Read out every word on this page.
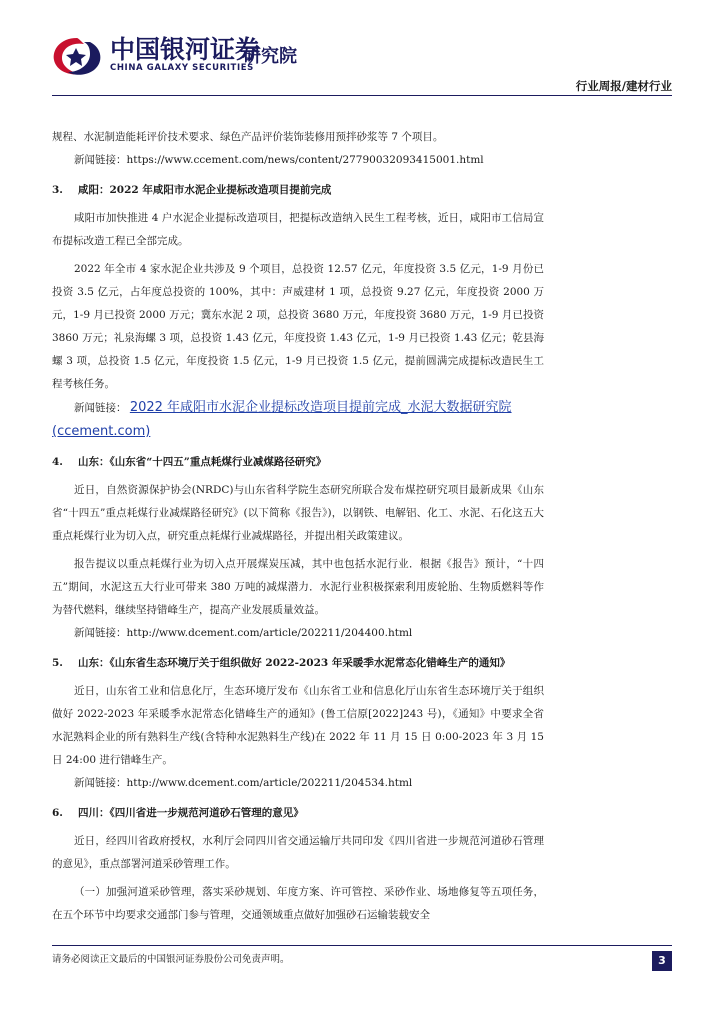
中国银河证券
CHINA GALAXY SECURITIES
研究院
行业周报/建材行业

规程、水泥制造能耗评价技术要求、绿色产品评价装饰装修用预拌砂浆等 7 个项目。

新闻链接：https://www.ccement.com/news/content/27790032093415001.html

3. 咸阳：2022 年咸阳市水泥企业提标改造项目提前完成

咸阳市加快推进 4 户水泥企业提标改造项目，把提标改造纳入民生工程考核，近日，咸阳市工信局宣布提标改造工程已全部完成。

2022 年全市 4 家水泥企业共涉及 9 个项目，总投资 12.57 亿元，年度投资 3.5 亿元，1-9 月份已投资 3.5 亿元，占年度总投资的 100%，其中：声威建材 1 项，总投资 9.27 亿元，年度投资 2000 万元，1-9 月已投资 2000 万元；冀东水泥 2 项，总投资 3680 万元，年度投资 3680 万元，1-9 月已投资 3860 万元；礼泉海螺 3 项，总投资 1.43 亿元，年度投资 1.43 亿元，1-9 月已投资 1.43 亿元；乾县海螺 3 项，总投资 1.5 亿元，年度投资 1.5 亿元，1-9 月已投资 1.5 亿元，提前圆满完成提标改造民生工程考核任务。

新闻链接： 2022 年咸阳市水泥企业提标改造项目提前完成_水泥大数据研究院 (ccement.com)

4. 山东：《山东省“十四五”重点耗煤行业减煤路径研究》

近日，自然资源保护协会(NRDC)与山东省科学院生态研究所联合发布煤控研究项目最新成果《山东省“十四五”重点耗煤行业减煤路径研究》(以下简称《报告》)，以钢铁、电解铝、化工、水泥、石化这五大重点耗煤行业为切入点，研究重点耗煤行业减煤路径，并提出相关政策建议。

报告提议以重点耗煤行业为切入点开展煤炭压减，其中也包括水泥行业．根据《报告》预计，“十四五”期间，水泥这五大行业可带来 380 万吨的减煤潜力．水泥行业积极探索利用废轮胎、生物质燃料等作为替代燃料，继续坚持错峰生产，提高产业发展质量效益。

新闻链接：http://www.dcement.com/article/202211/204400.html

5. 山东：《山东省生态环境厅关于组织做好 2022-2023 年采暖季水泥常态化错峰生产的通知》

近日，山东省工业和信息化厅，生态环境厅发布《山东省工业和信息化厅山东省生态环境厅关于组织做好 2022-2023 年采暖季水泥常态化错峰生产的通知》(鲁工信原[2022]243 号)，《通知》中要求全省水泥熟料企业的所有熟料生产线(含特种水泥熟料生产线)在 2022 年 11 月 15 日 0:00-2023 年 3 月 15 日 24:00 进行错峰生产。

新闻链接：http://www.dcement.com/article/202211/204534.html

6. 四川：《四川省进一步规范河道砂石管理的意见》

近日，经四川省政府授权，水利厅会同四川省交通运输厅共同印发《四川省进一步规范河道砂石管理的意见》，重点部署河道采砂管理工作。

（一）加强河道采砂管理，落实采砂规划、年度方案、许可管控、采砂作业、场地修复等五项任务，在五个环节中均要求交通部门参与管理，交通领域重点做好加强砂石运输装载安全

请务必阅读正文最后的中国银河证券股份公司免责声明。	3
